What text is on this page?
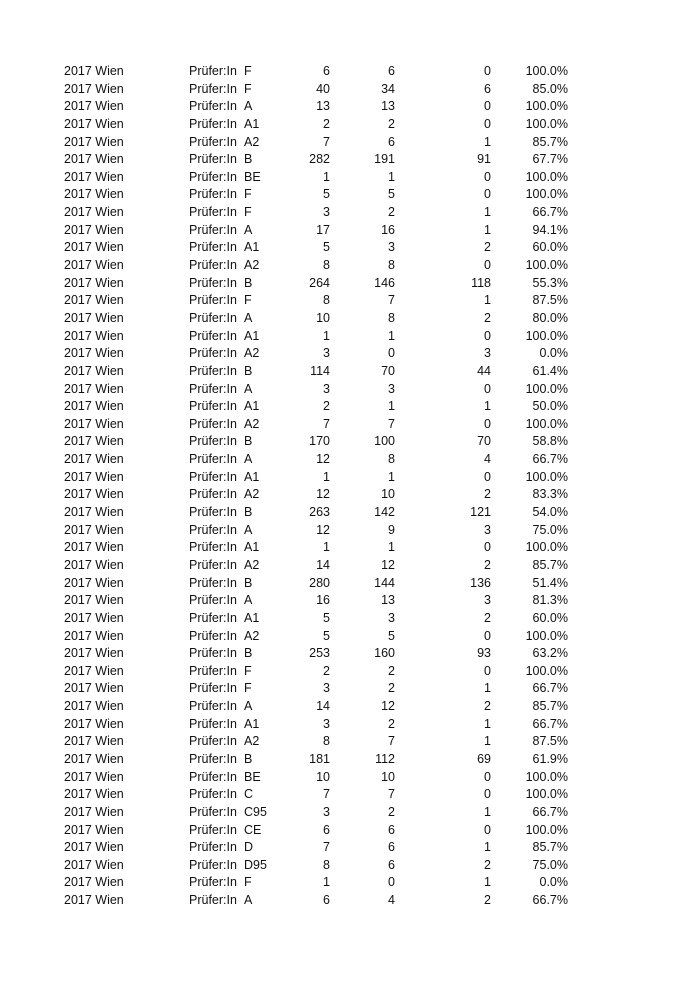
2017 Wien	Prüfer:In F	6	6	0	100.0%
2017 Wien	Prüfer:In F	40	34	6	85.0%
2017 Wien	Prüfer:In A	13	13	0	100.0%
2017 Wien	Prüfer:In A1	2	2	0	100.0%
2017 Wien	Prüfer:In A2	7	6	1	85.7%
2017 Wien	Prüfer:In B	282	191	91	67.7%
2017 Wien	Prüfer:In BE	1	1	0	100.0%
2017 Wien	Prüfer:In F	5	5	0	100.0%
2017 Wien	Prüfer:In F	3	2	1	66.7%
2017 Wien	Prüfer:In A	17	16	1	94.1%
2017 Wien	Prüfer:In A1	5	3	2	60.0%
2017 Wien	Prüfer:In A2	8	8	0	100.0%
2017 Wien	Prüfer:In B	264	146	118	55.3%
2017 Wien	Prüfer:In F	8	7	1	87.5%
2017 Wien	Prüfer:In A	10	8	2	80.0%
2017 Wien	Prüfer:In A1	1	1	0	100.0%
2017 Wien	Prüfer:In A2	3	0	3	0.0%
2017 Wien	Prüfer:In B	114	70	44	61.4%
2017 Wien	Prüfer:In A	3	3	0	100.0%
2017 Wien	Prüfer:In A1	2	1	1	50.0%
2017 Wien	Prüfer:In A2	7	7	0	100.0%
2017 Wien	Prüfer:In B	170	100	70	58.8%
2017 Wien	Prüfer:In A	12	8	4	66.7%
2017 Wien	Prüfer:In A1	1	1	0	100.0%
2017 Wien	Prüfer:In A2	12	10	2	83.3%
2017 Wien	Prüfer:In B	263	142	121	54.0%
2017 Wien	Prüfer:In A	12	9	3	75.0%
2017 Wien	Prüfer:In A1	1	1	0	100.0%
2017 Wien	Prüfer:In A2	14	12	2	85.7%
2017 Wien	Prüfer:In B	280	144	136	51.4%
2017 Wien	Prüfer:In A	16	13	3	81.3%
2017 Wien	Prüfer:In A1	5	3	2	60.0%
2017 Wien	Prüfer:In A2	5	5	0	100.0%
2017 Wien	Prüfer:In B	253	160	93	63.2%
2017 Wien	Prüfer:In F	2	2	0	100.0%
2017 Wien	Prüfer:In F	3	2	1	66.7%
2017 Wien	Prüfer:In A	14	12	2	85.7%
2017 Wien	Prüfer:In A1	3	2	1	66.7%
2017 Wien	Prüfer:In A2	8	7	1	87.5%
2017 Wien	Prüfer:In B	181	112	69	61.9%
2017 Wien	Prüfer:In BE	10	10	0	100.0%
2017 Wien	Prüfer:In C	7	7	0	100.0%
2017 Wien	Prüfer:In C95	3	2	1	66.7%
2017 Wien	Prüfer:In CE	6	6	0	100.0%
2017 Wien	Prüfer:In D	7	6	1	85.7%
2017 Wien	Prüfer:In D95	8	6	2	75.0%
2017 Wien	Prüfer:In F	1	0	1	0.0%
2017 Wien	Prüfer:In A	6	4	2	66.7%
